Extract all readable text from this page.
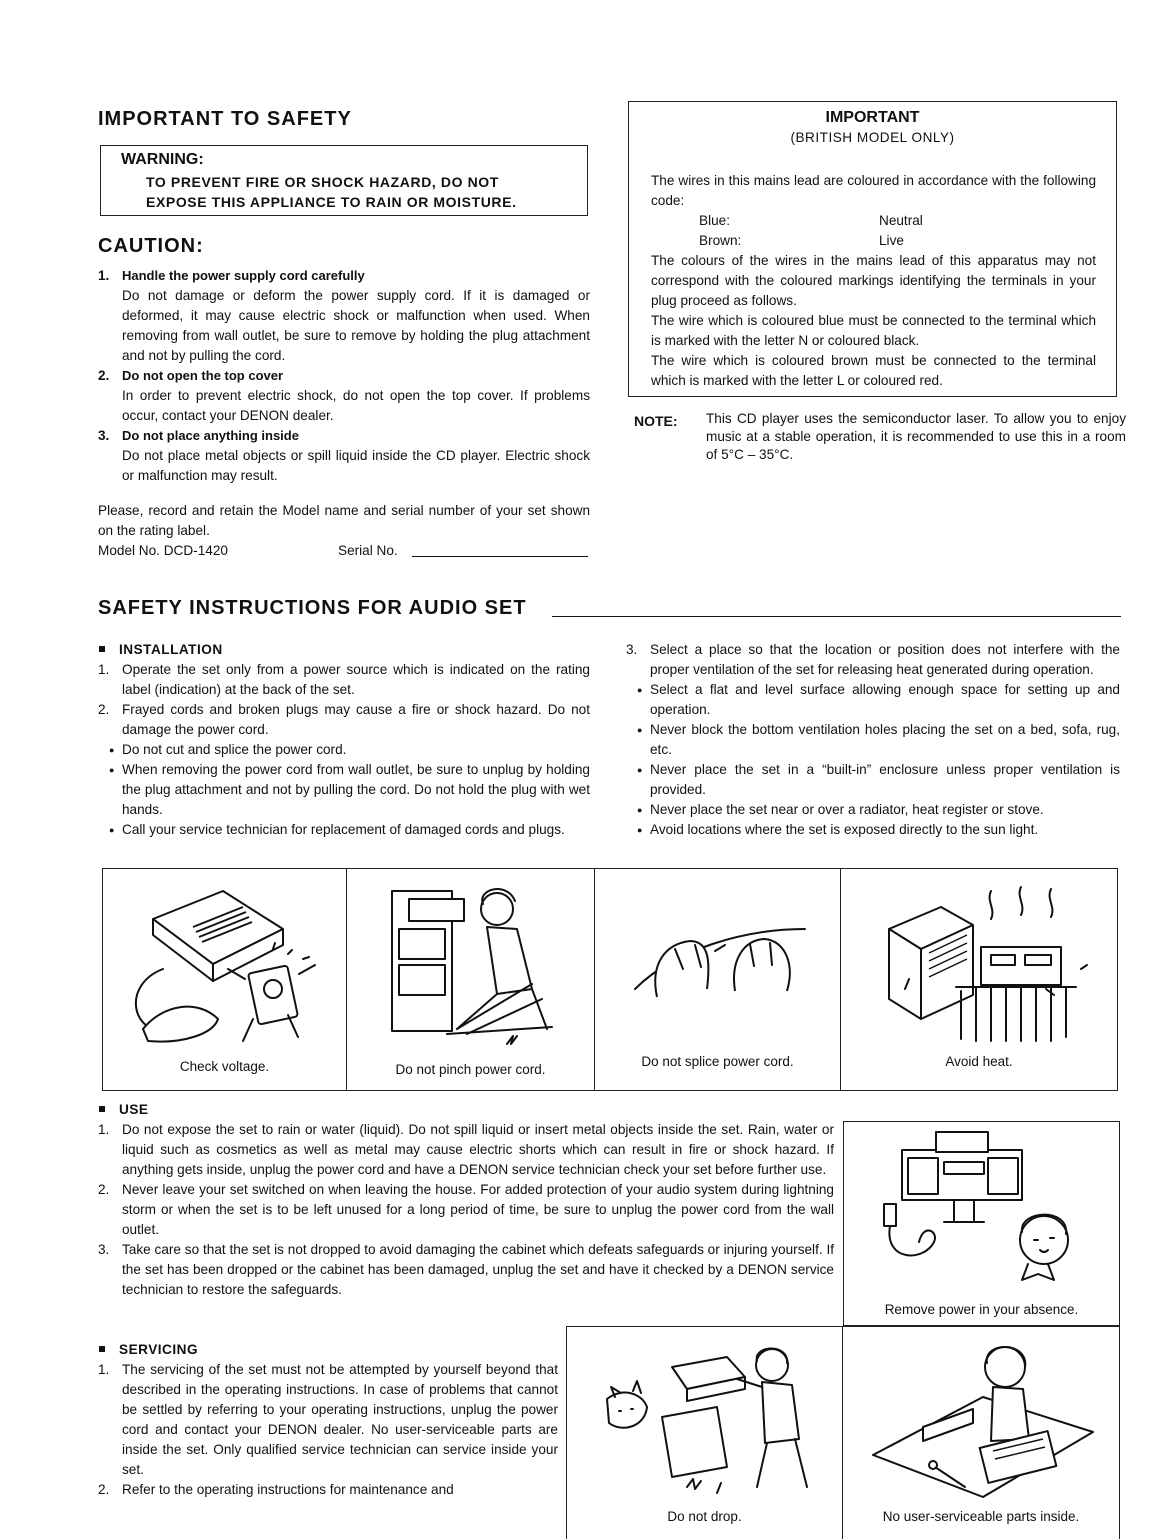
IMPORTANT TO SAFETY
WARNING:
TO PREVENT FIRE OR SHOCK HAZARD, DO NOT
EXPOSE THIS APPLIANCE TO RAIN OR MOISTURE.
CAUTION:
1. Handle the power supply cord carefully
Do not damage or deform the power supply cord. If it is damaged or deformed, it may cause electric shock or malfunction when used. When removing from wall outlet, be sure to remove by holding the plug attachment and not by pulling the cord.
2. Do not open the top cover
In order to prevent electric shock, do not open the top cover. If problems occur, contact your DENON dealer.
3. Do not place anything inside
Do not place metal objects or spill liquid inside the CD player. Electric shock or malfunction may result.
Please, record and retain the Model name and serial number of your set shown on the rating label.
Model No. DCD-1420	Serial No.
IMPORTANT
(BRITISH MODEL ONLY)
The wires in this mains lead are coloured in accordance with the following code:
Blue:	Neutral
Brown:	Live
The colours of the wires in the mains lead of this apparatus may not correspond with the coloured markings identifying the terminals in your plug proceed as follows.
The wire which is coloured blue must be connected to the terminal which is marked with the letter N or coloured black.
The wire which is coloured brown must be connected to the terminal which is marked with the letter L or coloured red.
NOTE: This CD player uses the semiconductor laser. To allow you to enjoy music at a stable operation, it is recommended to use this in a room of 5°C – 35°C.
SAFETY INSTRUCTIONS FOR AUDIO SET
INSTALLATION
1. Operate the set only from a power source which is indicated on the rating label (indication) at the back of the set.
2. Frayed cords and broken plugs may cause a fire or shock hazard. Do not damage the power cord.
● Do not cut and splice the power cord.
● When removing the power cord from wall outlet, be sure to unplug by holding the plug attachment and not by pulling the cord. Do not hold the plug with wet hands.
● Call your service technician for replacement of damaged cords and plugs.
3. Select a place so that the location or position does not interfere with the proper ventilation of the set for releasing heat generated during operation.
● Select a flat and level surface allowing enough space for setting up and operation.
● Never block the bottom ventilation holes placing the set on a bed, sofa, rug, etc.
● Never place the set in a “built-in” enclosure unless proper ventilation is provided.
● Never place the set near or over a radiator, heat register or stove.
● Avoid locations where the set is exposed directly to the sun light.
Check voltage.	Do not pinch power cord.
Do not splice power cord.	Avoid heat.
USE
1. Do not expose the set to rain or water (liquid). Do not spill liquid or insert metal objects inside the set. Rain, water or liquid such as cosmetics as well as metal may cause electric shorts which can result in fire or shock hazard. If anything gets inside, unplug the power cord and have a DENON service technician check your set before further use.
2. Never leave your set switched on when leaving the house. For added protection of your audio system during lightning storm or when the set is to be left unused for a long period of time, be sure to unplug the power cord from the wall outlet.
3. Take care so that the set is not dropped to avoid damaging the cabinet which defeats safeguards or injuring yourself. If the set has been dropped or the cabinet has been damaged, unplug the set and have it checked by a DENON service technician to restore the safeguards.
Remove power in your absence.
SERVICING
1. The servicing of the set must not be attempted by yourself beyond that described in the operating instructions. In case of problems that cannot be settled by referring to your operating instructions, unplug the power cord and contact your DENON dealer. No user-serviceable parts are inside the set. Only qualified service technician can service inside your set.
2. Refer to the operating instructions for maintenance and
Do not drop.	No user-serviceable parts inside.
